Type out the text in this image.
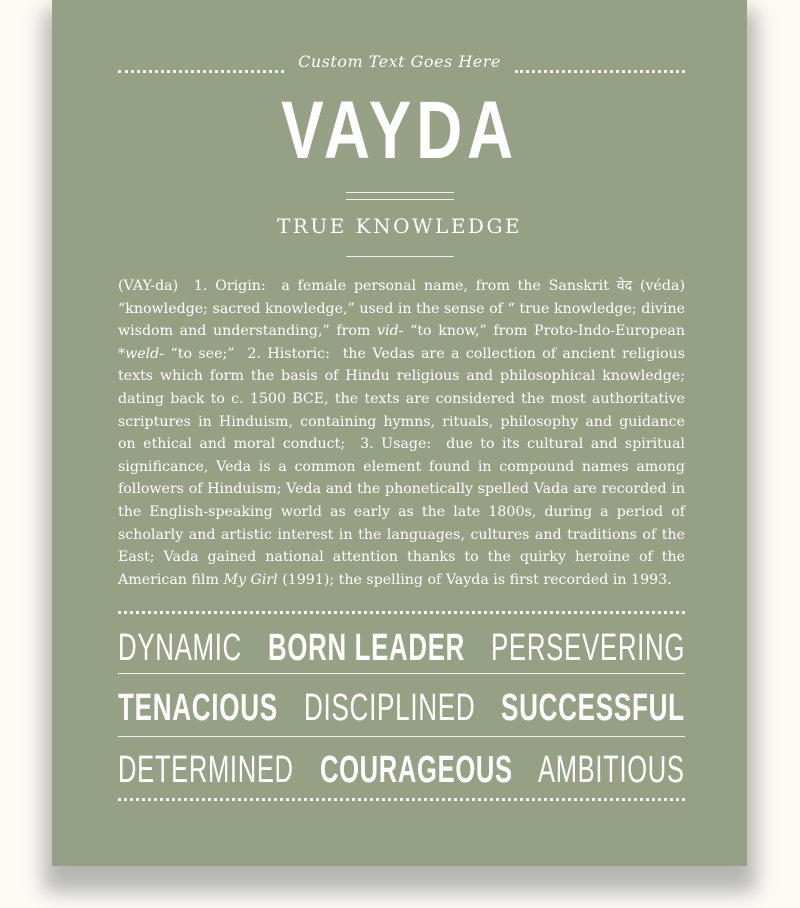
Custom Text Goes Here
VAYDA
TRUE KNOWLEDGE
(VAY-da) 1. Origin: a female personal name, from the Sanskrit वेद (véda) “knowledge; sacred knowledge,” used in the sense of “ true knowledge; divine wisdom and understanding,” from vid- “to know,” from Proto-Indo-European *weld- “to see;” 2. Historic: the Vedas are a collection of ancient religious texts which form the basis of Hindu religious and philosophical knowledge; dating back to c. 1500 BCE, the texts are considered the most authoritative scriptures in Hinduism, containing hymns, rituals, philosophy and guidance on ethical and moral conduct; 3. Usage: due to its cultural and spiritual significance, Veda is a common element found in compound names among followers of Hinduism; Veda and the phonetically spelled Vada are recorded in the English-speaking world as early as the late 1800s, during a period of scholarly and artistic interest in the languages, cultures and traditions of the East; Vada gained national attention thanks to the quirky heroine of the American film My Girl (1991); the spelling of Vayda is first recorded in 1993.
DYNAMIC BORN LEADER PERSEVERING
TENACIOUS DISCIPLINED SUCCESSFUL
DETERMINED COURAGEOUS AMBITIOUS
